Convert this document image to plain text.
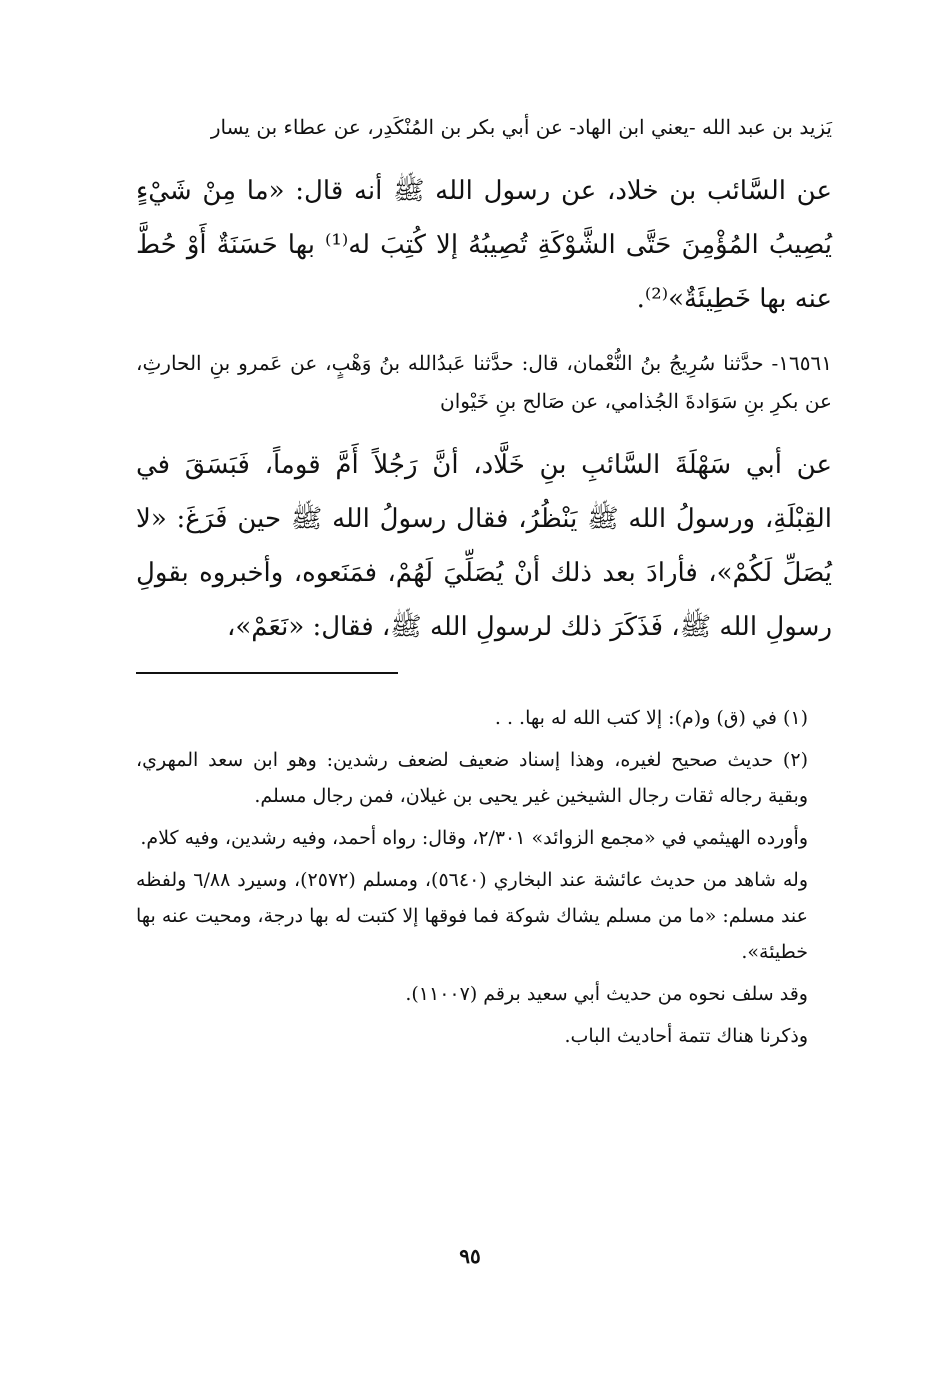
يَزيد بن عبد الله -يعني ابن الهاد- عن أبي بكر بن المُنْكَدِر، عن عطاء بن يسار

عن السَّائب بن خلاد، عن رسول الله ﷺ أنه قال: «ما مِنْ شَيْءٍ يُصِيبُ المُؤْمِنَ حَتَّى الشَّوْكَةِ تُصِيبُهُ إلا كُتِبَ له⁽¹⁾ بها حَسَنَةٌ أَوْ حُطَّ عنه بها خَطِيئَةٌ»⁽²⁾.

١٦٥٦١- حدَّثنا سُرِيجُ بنُ النُّعْمان، قال: حدَّثنا عَبدُالله بنُ وَهْبٍ، عن عَمرو بنِ الحارثِ، عن بكرِ بنِ سَوَادةَ الجُذامي، عن صَالح بنِ خَيْوان

عن أبي سَهْلَةَ السَّائبِ بنِ خَلَّاد، أنَّ رَجُلاً أَمَّ قوماً، فَبَسَقَ في القِبْلَةِ، ورسولُ الله ﷺ يَنْظُرُ، فقال رسولُ الله ﷺ حين فَرَغَ: «لا يُصَلِّ لَكُمْ»، فأرادَ بعد ذلك أنْ يُصَلِّيَ لَهُمْ، فمَنَعوه، وأخبروه بقولِ رسولِ الله ﷺ، فَذَكَرَ ذلك لرسولِ الله ﷺ، فقال: «نَعَمْ»،

(١) في (ق) و(م): إلا كتب الله له بها. . .

(٢) حديث صحيح لغيره، وهذا إسناد ضعيف لضعف رشدين: وهو ابن سعد المهري، وبقية رجاله ثقات رجال الشيخين غير يحيى بن غيلان، فمن رجال مسلم.

وأورده الهيثمي في «مجمع الزوائد» ٢/٣٠١، وقال: رواه أحمد، وفيه رشدين، وفيه كلام.

وله شاهد من حديث عائشة عند البخاري (٥٦٤٠)، ومسلم (٢٥٧٢)، وسيرد ٦/٨٨ ولفظه عند مسلم: «ما من مسلم يشاك شوكة فما فوقها إلا كتبت له بها درجة، ومحيت عنه بها خطيئة».

وقد سلف نحوه من حديث أبي سعيد برقم (١١٠٠٧).

وذكرنا هناك تتمة أحاديث الباب.

٩٥
